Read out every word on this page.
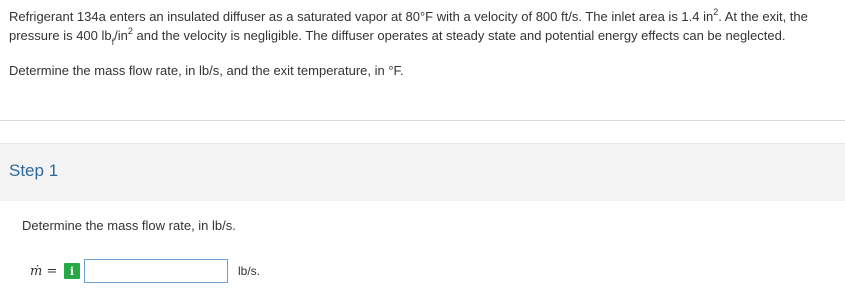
Refrigerant 134a enters an insulated diffuser as a saturated vapor at 80°F with a velocity of 800 ft/s. The inlet area is 1.4 $in^2$. At the exit, the pressure is 400 $lb_f/in^2$ and the velocity is negligible. The diffuser operates at steady state and potential energy effects can be neglected.

Determine the mass flow rate, in lb/s, and the exit temperature, in °F.

Step 1
Determine the mass flow rate, in lb/s.
ṁ =	i	lb/s.
